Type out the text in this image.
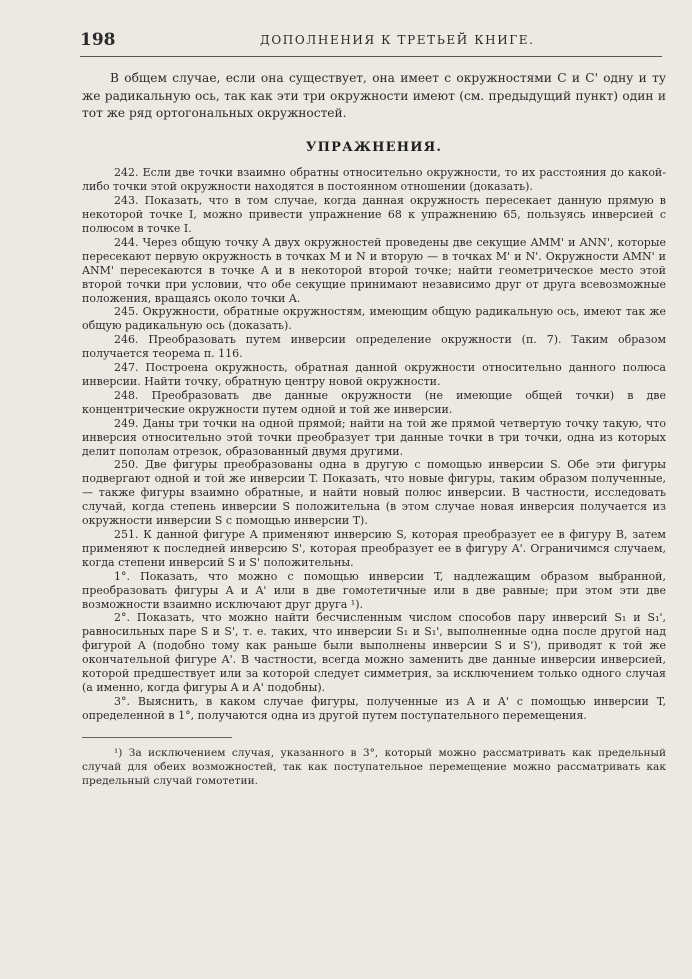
198	ДОПОЛНЕНИЯ К ТРЕТЬЕЙ КНИГЕ.

В общем случае, если она существует, она имеет с окружностями C и C' одну и ту же радикальную ось, так как эти три окружности имеют (см. предыдущий пункт) один и тот же ряд ортогональных окружностей.

УПРАЖНЕНИЯ.

242. Если две точки взаимно обратны относительно окружности, то их расстояния до какой-либо точки этой окружности находятся в постоянном отношении (доказать).

243. Показать, что в том случае, когда данная окружность пересекает данную прямую в некоторой точке I, можно привести упражнение 68 к упражнению 65, пользуясь инверсией с полюсом в точке I.

244. Через общую точку A двух окружностей проведены две секущие AMM' и ANN', которые пересекают первую окружность в точках M и N и вторую — в точках M' и N'. Окружности AMN' и ANM' пересекаются в точке A и в некоторой второй точке; найти геометрическое место этой второй точки при условии, что обе секущие принимают независимо друг от друга всевозможные положения, вращаясь около точки A.

245. Окружности, обратные окружностям, имеющим общую радикальную ось, имеют так же общую радикальную ось (доказать).

246. Преобразовать путем инверсии определение окружности (п. 7). Таким образом получается теорема п. 116.

247. Построена окружность, обратная данной окружности относительно данного полюса инверсии. Найти точку, обратную центру новой окружности.

248. Преобразовать две данные окружности (не имеющие общей точки) в две концентрические окружности путем одной и той же инверсии.

249. Даны три точки на одной прямой; найти на той же прямой четвертую точку такую, что инверсия относительно этой точки преобразует три данные точки в три точки, одна из которых делит пополам отрезок, образованный двумя другими.

250. Две фигуры преобразованы одна в другую с помощью инверсии S. Обе эти фигуры подвергают одной и той же инверсии T. Показать, что новые фигуры, таким образом полученные, — также фигуры взаимно обратные, и найти новый полюс инверсии. В частности, исследовать случай, когда степень инверсии S положительна (в этом случае новая инверсия получается из окружности инверсии S с помощью инверсии T).

251. К данной фигуре A применяют инверсию S, которая преобразует ее в фигуру B, затем применяют к последней инверсию S', которая преобразует ее в фигуру A'. Ограничимся случаем, когда степени инверсий S и S' положительны.

1°. Показать, что можно с помощью инверсии T, надлежащим образом выбранной, преобразовать фигуры A и A' или в две гомотетичные или в две равные; при этом эти две возможности взаимно исключают друг друга ¹).

2°. Показать, что можно найти бесчисленным числом способов пару инверсий S₁ и S₁', равносильных паре S и S', т. е. таких, что инверсии S₁ и S₁', выполненные одна после другой над фигурой A (подобно тому как раньше были выполнены инверсии S и S'), приводят к той же окончательной фигуре A'. В частности, всегда можно заменить две данные инверсии инверсией, которой предшествует или за которой следует симметрия, за исключением только одного случая (а именно, когда фигуры A и A' подобны).

3°. Выяснить, в каком случае фигуры, полученные из A и A' с помощью инверсии T, определенной в 1°, получаются одна из другой путем поступательного перемещения.

¹) За исключением случая, указанного в 3°, который можно рассматривать как предельный случай для обеих возможностей, так как поступательное перемещение можно рассматривать как предельный случай гомотетии.
